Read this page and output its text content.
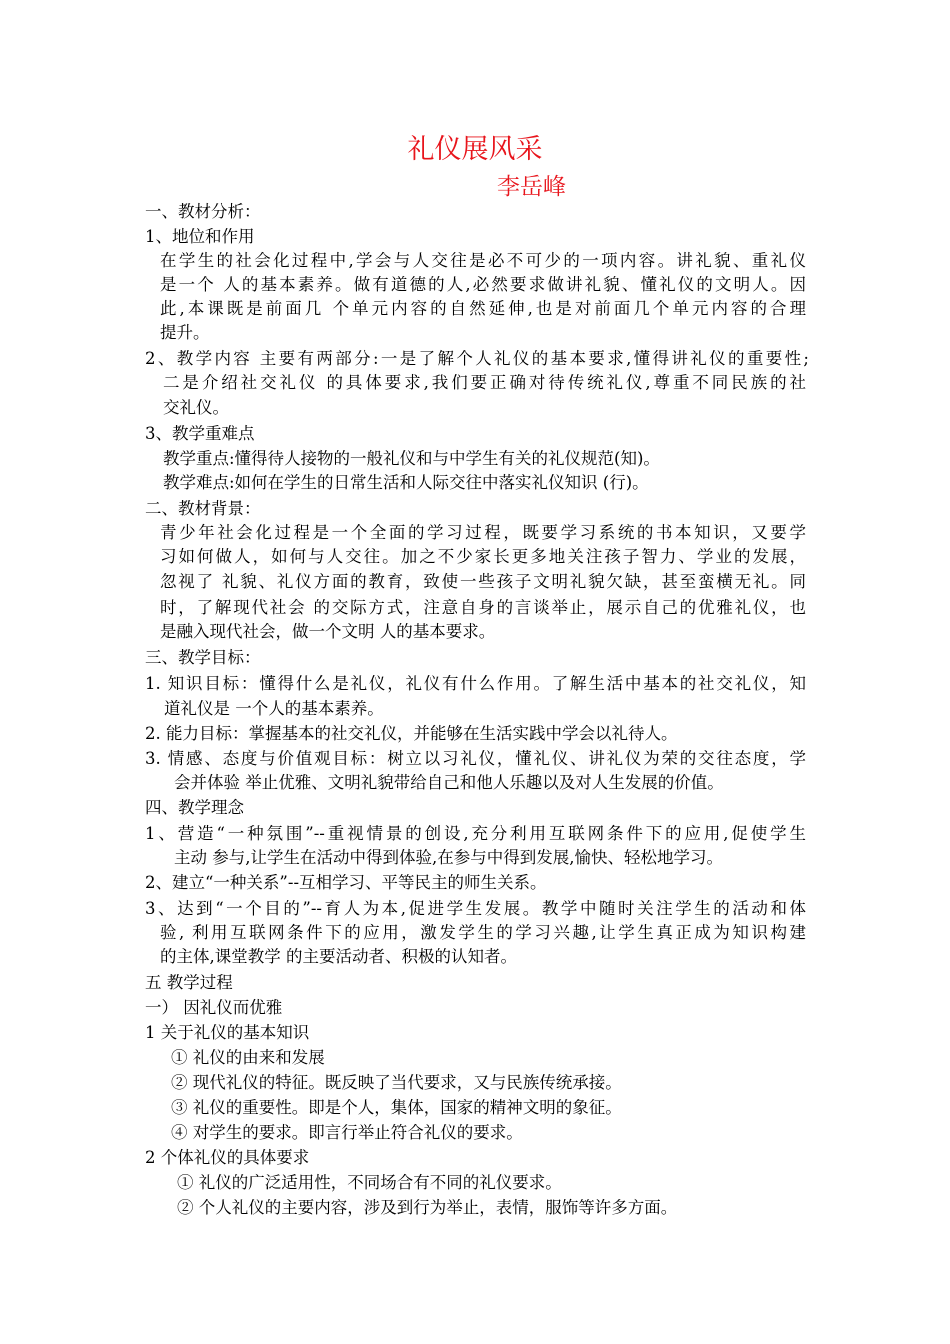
礼仪展风采
李岳峰
一、教材分析：
1、地位和作用
在学生的社会化过程中,学会与人交往是必不可少的一项内容。讲礼貌、重礼仪
是一个 人的基本素养。做有道德的人,必然要求做讲礼貌、懂礼仪的文明人。因
此,本课既是前面几 个单元内容的自然延伸,也是对前面几个单元内容的合理
提升。
2、教学内容 主要有两部分:一是了解个人礼仪的基本要求,懂得讲礼仪的重要性;
二是介绍社交礼仪 的具体要求,我们要正确对待传统礼仪,尊重不同民族的社
交礼仪。
3、教学重难点
教学重点:懂得待人接物的一般礼仪和与中学生有关的礼仪规范(知)。
教学难点:如何在学生的日常生活和人际交往中落实礼仪知识 (行)。
二、教材背景：
青少年社会化过程是一个全面的学习过程，既要学习系统的书本知识，又要学
习如何做人，如何与人交往。加之不少家长更多地关注孩子智力、学业的发展，
忽视了 礼貌、礼仪方面的教育，致使一些孩子文明礼貌欠缺，甚至蛮横无礼。同
时，了解现代社会 的交际方式，注意自身的言谈举止，展示自己的优雅礼仪，也
是融入现代社会，做一个文明 人的基本要求。
三、教学目标：
1. 知识目标：懂得什么是礼仪，礼仪有什么作用。了解生活中基本的社交礼仪，知
道礼仪是 一个人的基本素养。
2. 能力目标：掌握基本的社交礼仪，并能够在生活实践中学会以礼待人。
3. 情感、态度与价值观目标：树立以习礼仪，懂礼仪、讲礼仪为荣的交往态度，学
会并体验 举止优雅、文明礼貌带给自己和他人乐趣以及对人生发展的价值。
四、教学理念
1、营造“一种氛围”--重视情景的创设,充分利用互联网条件下的应用,促使学生
主动 参与,让学生在活动中得到体验,在参与中得到发展,愉快、轻松地学习。
2、建立“一种关系”--互相学习、平等民主的师生关系。
3、达到“一个目的”--育人为本,促进学生发展。教学中随时关注学生的活动和体
验, 利用互联网条件下的应用，激发学生的学习兴趣,让学生真正成为知识构建
的主体,课堂教学 的主要活动者、积极的认知者。
五 教学过程
一） 因礼仪而优雅
1 关于礼仪的基本知识
① 礼仪的由来和发展
② 现代礼仪的特征。既反映了当代要求，又与民族传统承接。
③ 礼仪的重要性。即是个人，集体，国家的精神文明的象征。
④ 对学生的要求。即言行举止符合礼仪的要求。
2 个体礼仪的具体要求
① 礼仪的广泛适用性，不同场合有不同的礼仪要求。
② 个人礼仪的主要内容，涉及到行为举止，表情，服饰等许多方面。
